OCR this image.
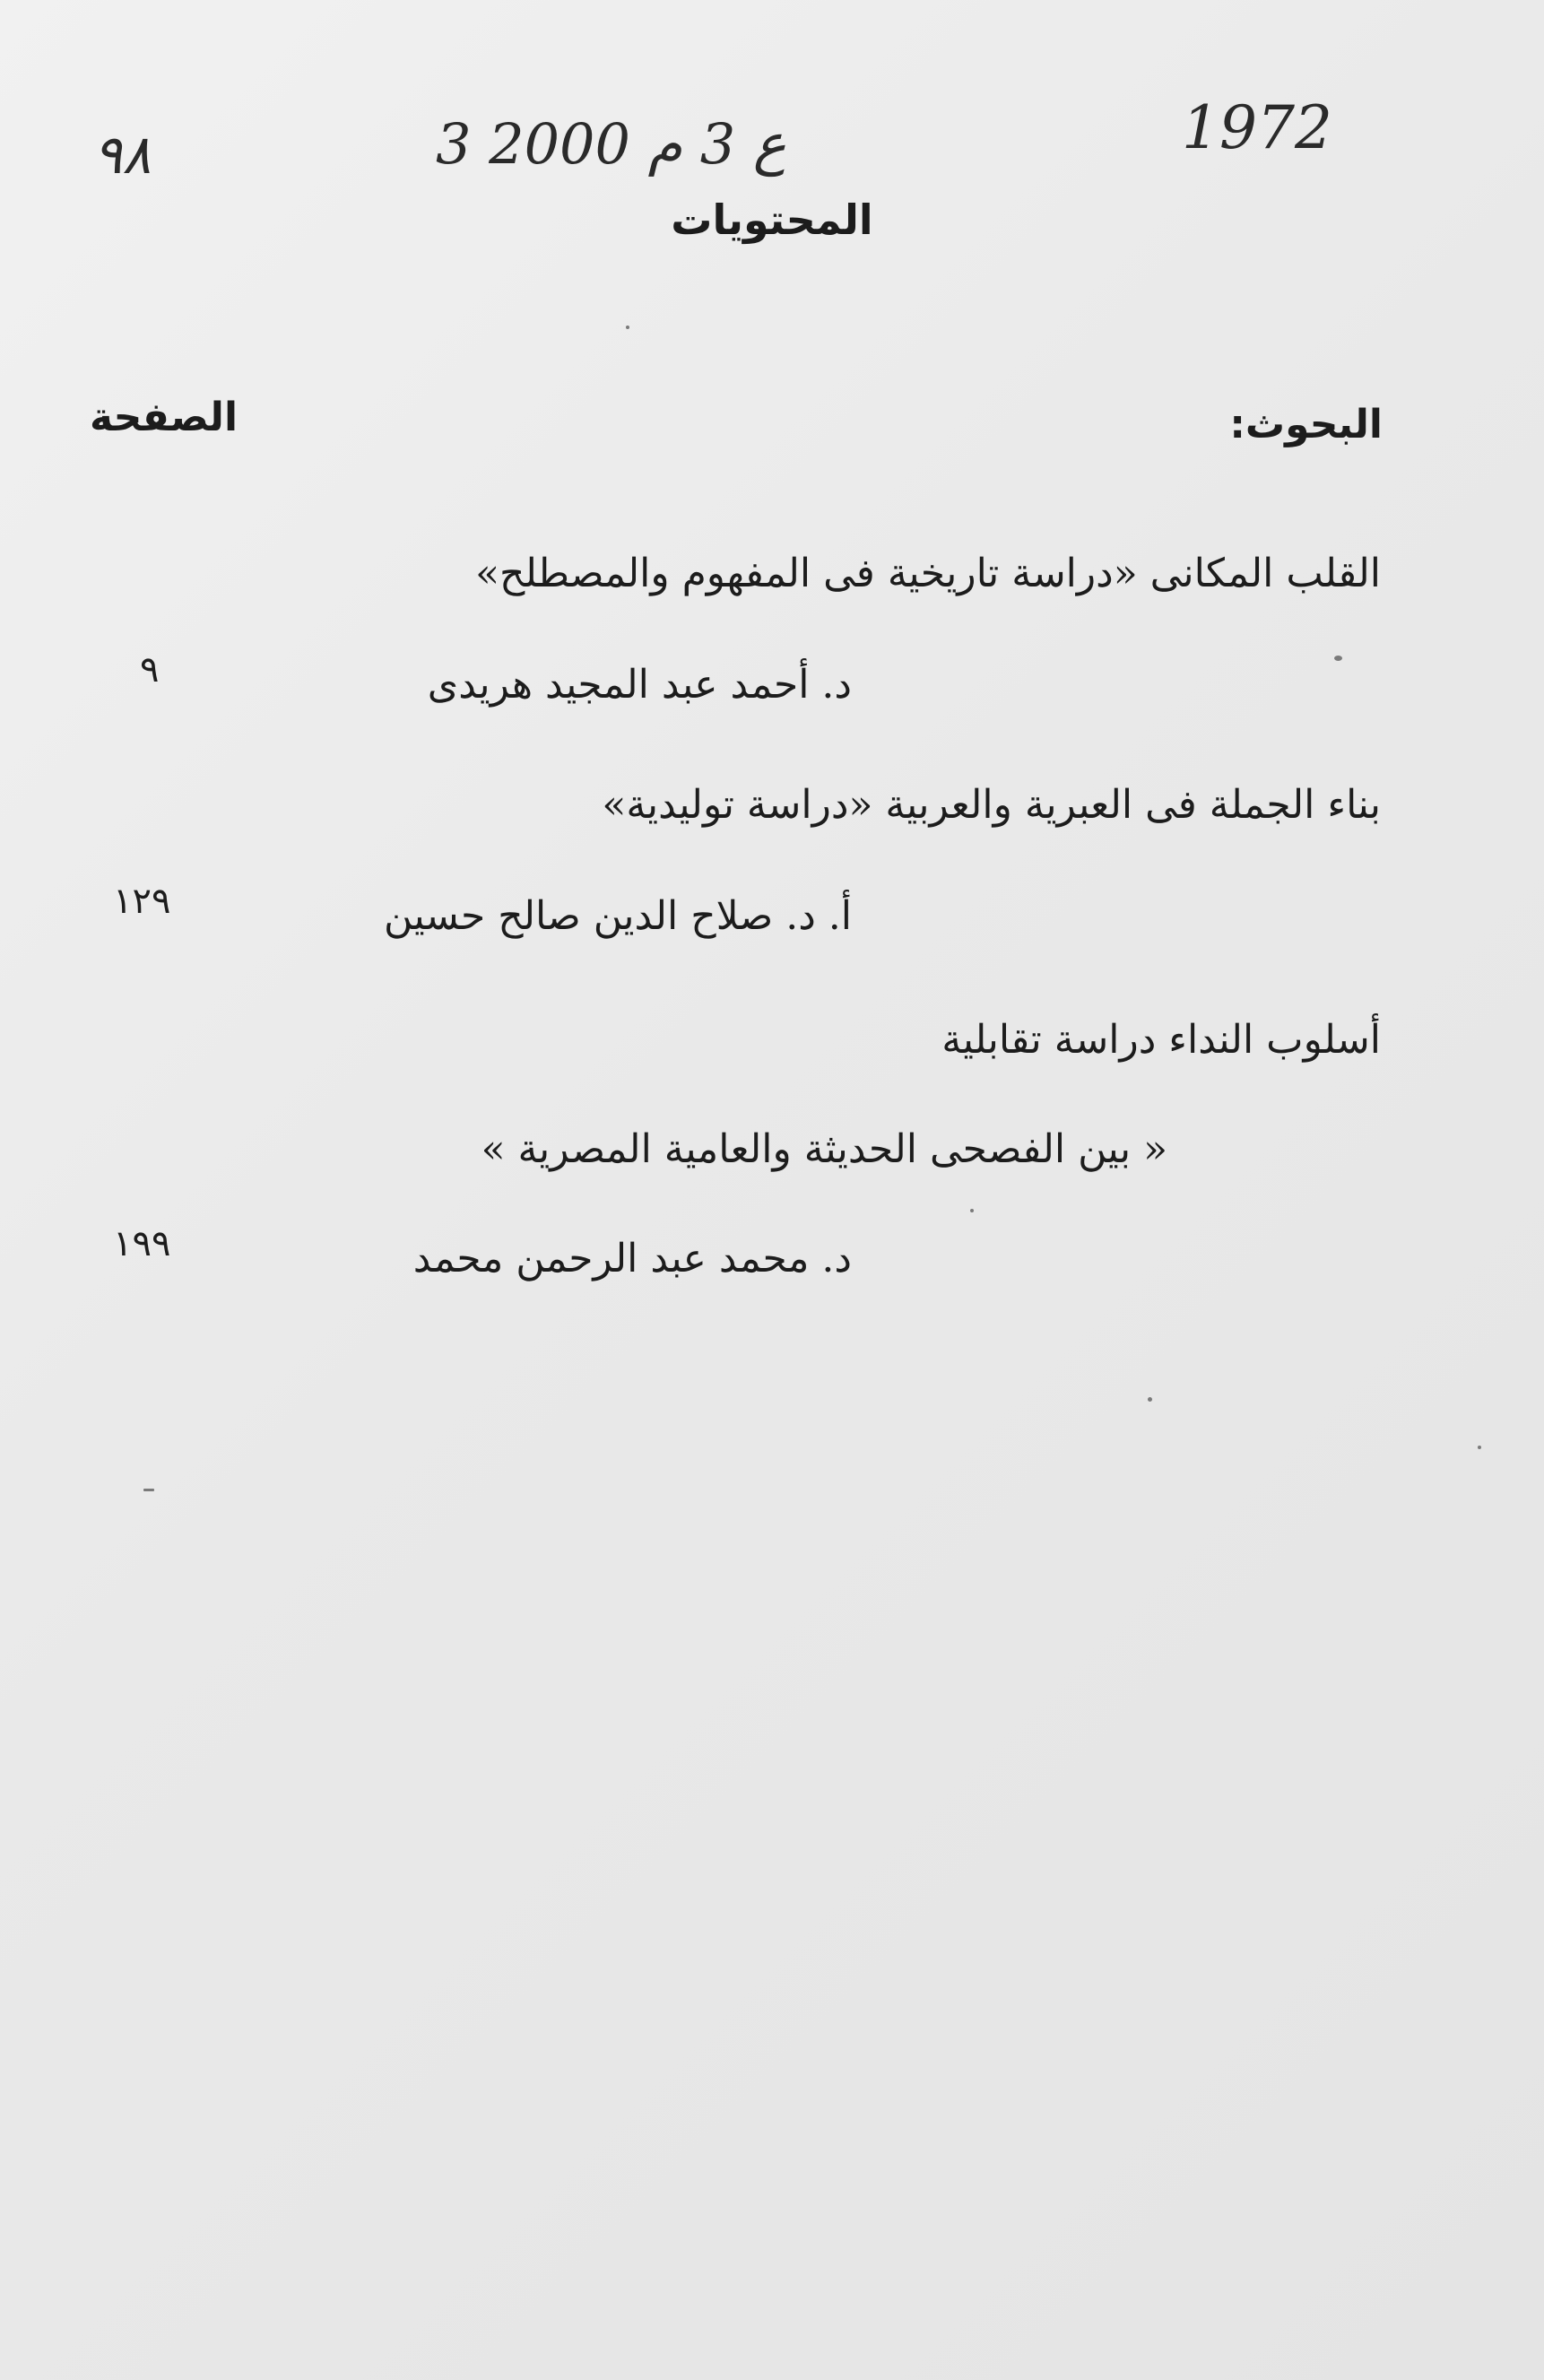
٩٨	3 ع 3 م 2000	1972
المحتويات
البحوث:
الصفحة
القلب المكانى «دراسة تاريخية فى المفهوم والمصطلح»
د. أحمد عبد المجيد هريدى
٩
بناء الجملة فى العبرية والعربية «دراسة توليدية»
أ. د. صلاح الدين صالح حسين
١٢٩
أسلوب النداء دراسة تقابلية
« بين الفصحى الحديثة والعامية المصرية »
د. محمد عبد الرحمن محمد
١٩٩
